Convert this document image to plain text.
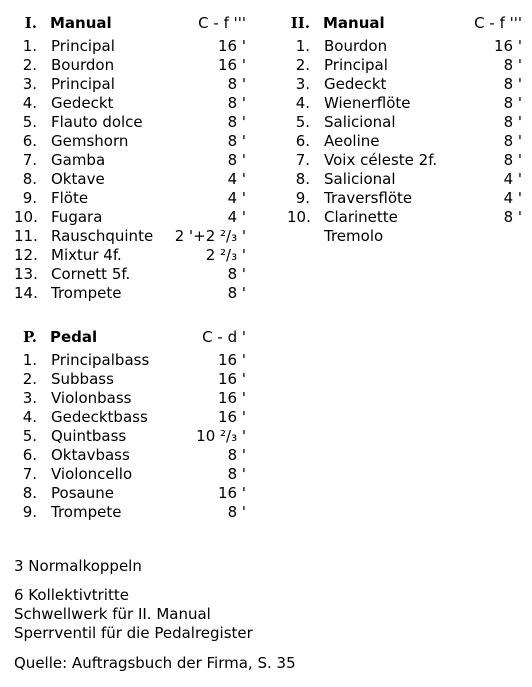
I. Manual	C - f '''
1. Principal	16 '
2. Bourdon	16 '
3. Principal	8 '
4. Gedeckt	8 '
5. Flauto dolce	8 '
6. Gemshorn	8 '
7. Gamba	8 '
8. Oktave	4 '
9. Flöte	4 '
10. Fugara	4 '
11. Rauschquinte	2 '+2 ²/₃ '
12. Mixtur 4f.	2 ²/₃ '
13. Cornett 5f.	8 '
14. Trompete	8 '
II. Manual	C - f '''
1. Bourdon	16 '
2. Principal	8 '
3. Gedeckt	8 '
4. Wienerflöte	8 '
5. Salicional	8 '
6. Aeoline	8 '
7. Voix céleste 2f.	8 '
8. Salicional	4 '
9. Traversflöte	4 '
10. Clarinette	8 '
Tremolo
P. Pedal	C - d '
1. Principalbass	16 '
2. Subbass	16 '
3. Violonbass	16 '
4. Gedecktbass	16 '
5. Quintbass	10 ²/₃ '
6. Oktavbass	8 '
7. Violoncello	8 '
8. Posaune	16 '
9. Trompete	8 '
3 Normalkoppeln
6 Kollektivtritte
Schwellwerk für II. Manual
Sperrventil für die Pedalregister
Quelle: Auftragsbuch der Firma, S. 35
